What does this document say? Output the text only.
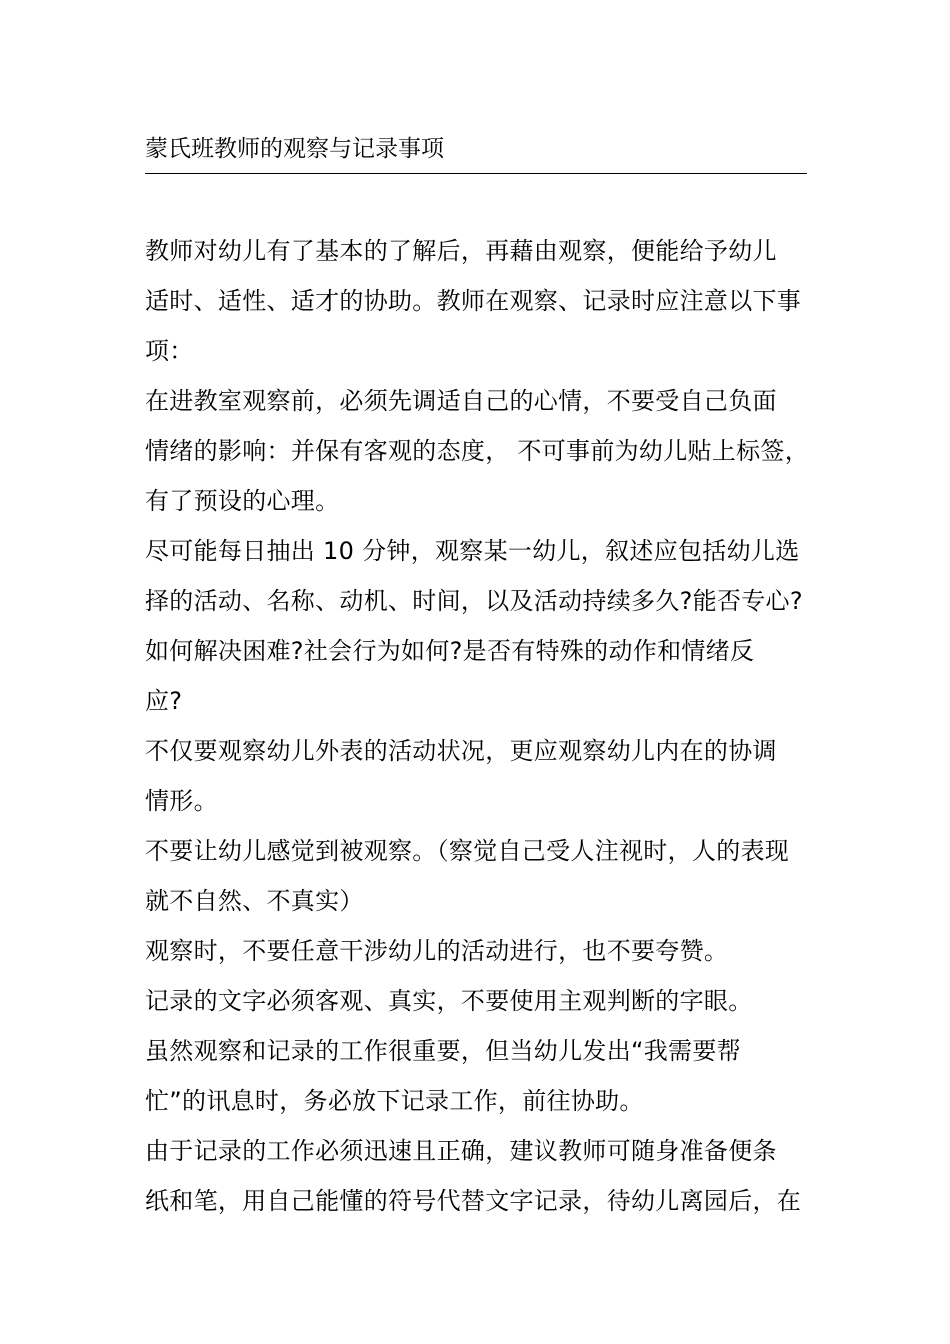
蒙氏班教师的观察与记录事项

教师对幼儿有了基本的了解后，再藉由观察，便能给予幼儿
适时、适性、适才的协助。教师在观察、记录时应注意以下事
项：

在进教室观察前，必须先调适自己的心情，不要受自己负面
情绪的影响：并保有客观的态度， 不可事前为幼儿贴上标签，
有了预设的心理。

尽可能每日抽出 10 分钟，观察某一幼儿，叙述应包括幼儿选
择的活动、名称、动机、时间，以及活动持续多久?能否专心?
如何解决困难?社会行为如何?是否有特殊的动作和情绪反
应?

不仅要观察幼儿外表的活动状况，更应观察幼儿内在的协调
情形。

不要让幼儿感觉到被观察。（察觉自己受人注视时，人的表现
就不自然、不真实）

观察时，不要任意干涉幼儿的活动进行，也不要夸赞。

记录的文字必须客观、真实，不要使用主观判断的字眼。

虽然观察和记录的工作很重要，但当幼儿发出“我需要帮
忙”的讯息时，务必放下记录工作，前往协助。

由于记录的工作必须迅速且正确，建议教师可随身准备便条
纸和笔，用自己能懂的符号代替文字记录，待幼儿离园后，在
